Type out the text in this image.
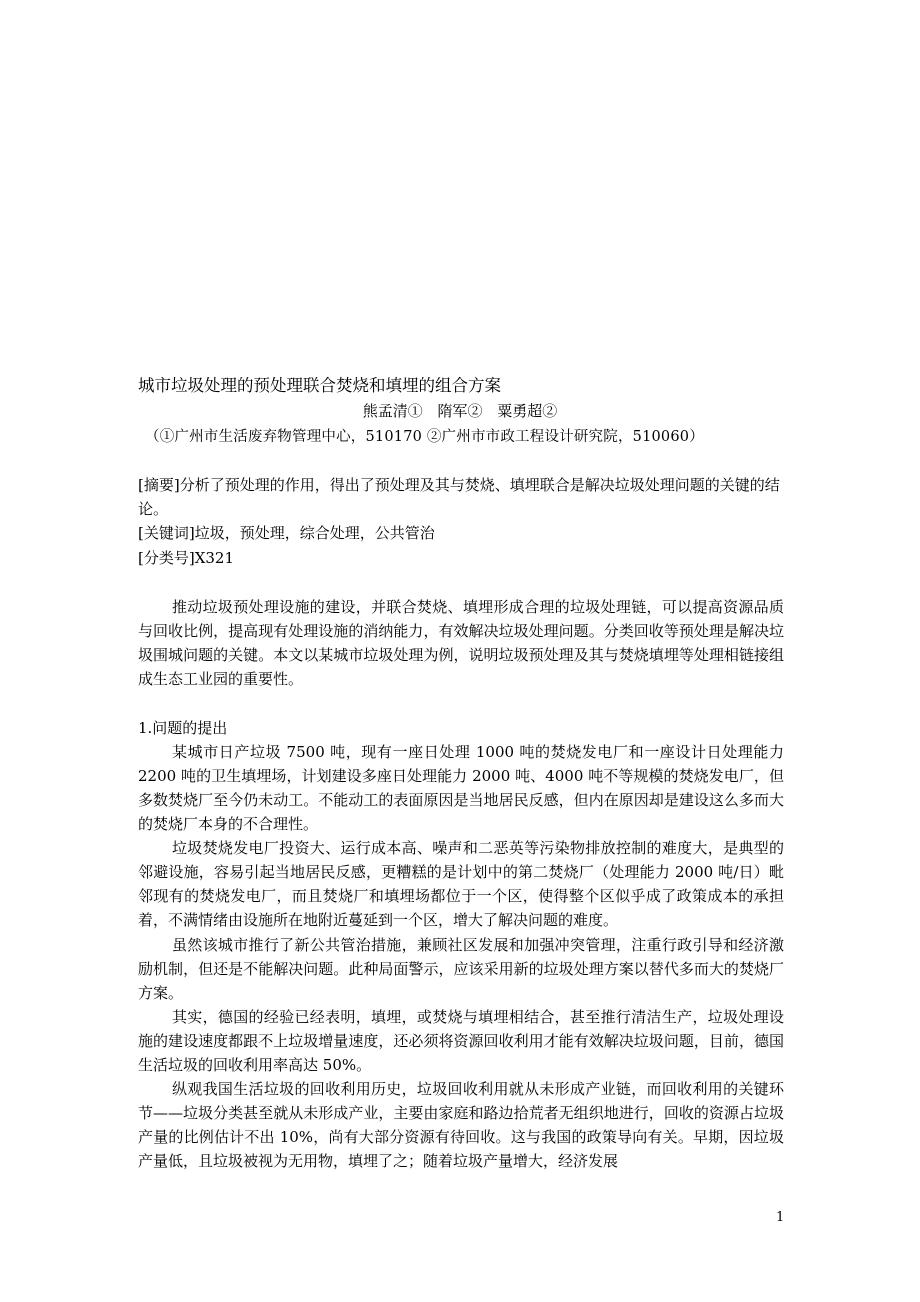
城市垃圾处理的预处理联合焚烧和填埋的组合方案
熊孟清① 隋军② 粟勇超②
（①广州市生活废弃物管理中心，510170 ②广州市市政工程设计研究院，510060）
[摘要]分析了预处理的作用，得出了预处理及其与焚烧、填埋联合是解决垃圾处理问题的关键的结论。
[关键词]垃圾，预处理，综合处理，公共管治
[分类号]X321

推动垃圾预处理设施的建设，并联合焚烧、填埋形成合理的垃圾处理链，可以提高资源品质与回收比例，提高现有处理设施的消纳能力，有效解决垃圾处理问题。分类回收等预处理是解决垃圾围城问题的关键。本文以某城市垃圾处理为例，说明垃圾预处理及其与焚烧填埋等处理相链接组成生态工业园的重要性。

1.问题的提出

某城市日产垃圾 7500 吨，现有一座日处理 1000 吨的焚烧发电厂和一座设计日处理能力 2200 吨的卫生填埋场，计划建设多座日处理能力 2000 吨、4000 吨不等规模的焚烧发电厂，但多数焚烧厂至今仍未动工。不能动工的表面原因是当地居民反感，但内在原因却是建设这么多而大的焚烧厂本身的不合理性。

垃圾焚烧发电厂投资大、运行成本高、噪声和二恶英等污染物排放控制的难度大，是典型的邻避设施，容易引起当地居民反感，更糟糕的是计划中的第二焚烧厂（处理能力 2000 吨/日）毗邻现有的焚烧发电厂，而且焚烧厂和填埋场都位于一个区，使得整个区似乎成了政策成本的承担着，不满情绪由设施所在地附近蔓延到一个区，增大了解决问题的难度。

虽然该城市推行了新公共管治措施，兼顾社区发展和加强冲突管理，注重行政引导和经济激励机制，但还是不能解决问题。此种局面警示，应该采用新的垃圾处理方案以替代多而大的焚烧厂方案。

其实，德国的经验已经表明，填埋，或焚烧与填埋相结合，甚至推行清洁生产，垃圾处理设施的建设速度都跟不上垃圾增量速度，还必须将资源回收利用才能有效解决垃圾问题，目前，德国生活垃圾的回收利用率高达 50%。

纵观我国生活垃圾的回收利用历史，垃圾回收利用就从未形成产业链，而回收利用的关键环节——垃圾分类甚至就从未形成产业，主要由家庭和路边拾荒者无组织地进行，回收的资源占垃圾产量的比例估计不出 10%，尚有大部分资源有待回收。这与我国的政策导向有关。早期，因垃圾产量低，且垃圾被视为无用物，填埋了之；随着垃圾产量增大，经济发展

1
